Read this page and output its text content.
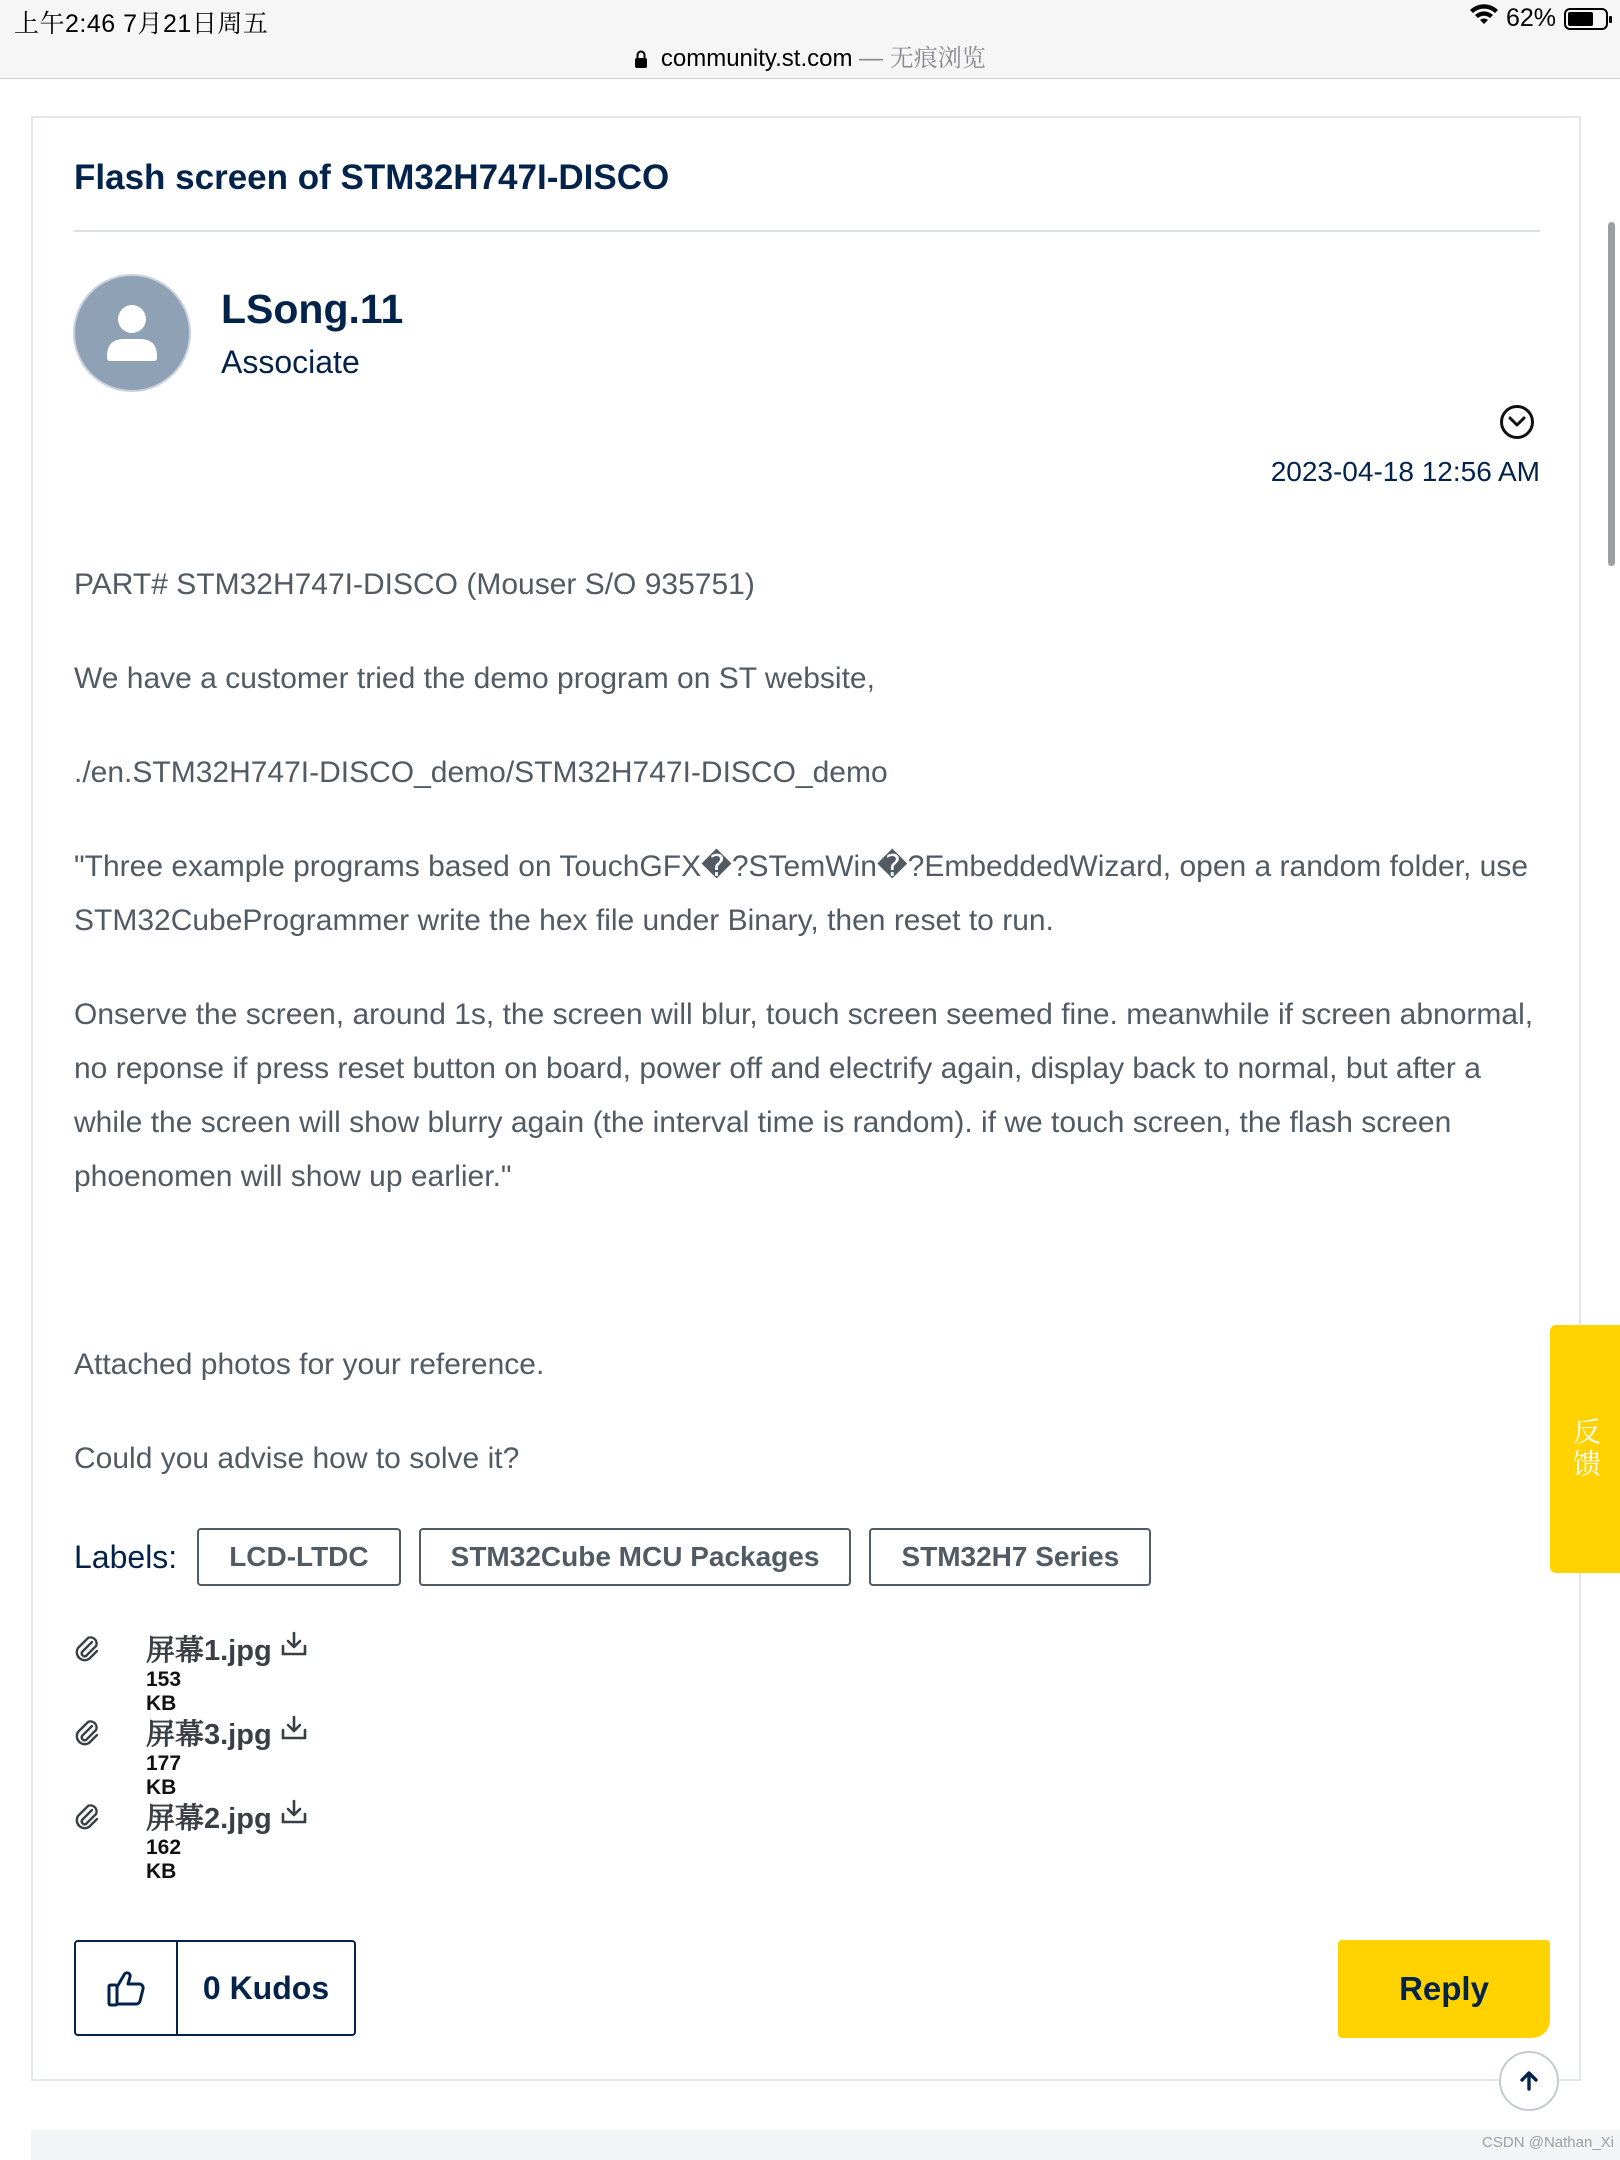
上午2:46 7月21日周五	62%
community.st.com — 无痕浏览
Flash screen of STM32H747I-DISCO
LSong.11
Associate
2023-04-18 12:56 AM

PART# STM32H747I-DISCO (Mouser S/O 935751)

We have a customer tried the demo program on ST website,

./en.STM32H747I-DISCO_demo/STM32H747I-DISCO_demo

"Three example programs based on TouchGFX�?STemWin�?EmbeddedWizard, open a random folder, use STM32CubeProgrammer write the hex file under Binary, then reset to run.

Onserve the screen, around 1s, the screen will blur, touch screen seemed fine. meanwhile if screen abnormal, no reponse if press reset button on board, power off and electrify again, display back to normal, but after a while the screen will show blurry again (the interval time is random). if we touch screen, the flash screen phoenomen will show up earlier."

Attached photos for your reference.

Could you advise how to solve it?

Labels:	LCD-LTDC	STM32Cube MCU Packages	STM32H7 Series
屏幕1.jpg
153 KB
屏幕3.jpg
177 KB
屏幕2.jpg
162 KB
0 Kudos	Reply
反馈
CSDN @Nathan_Xi
